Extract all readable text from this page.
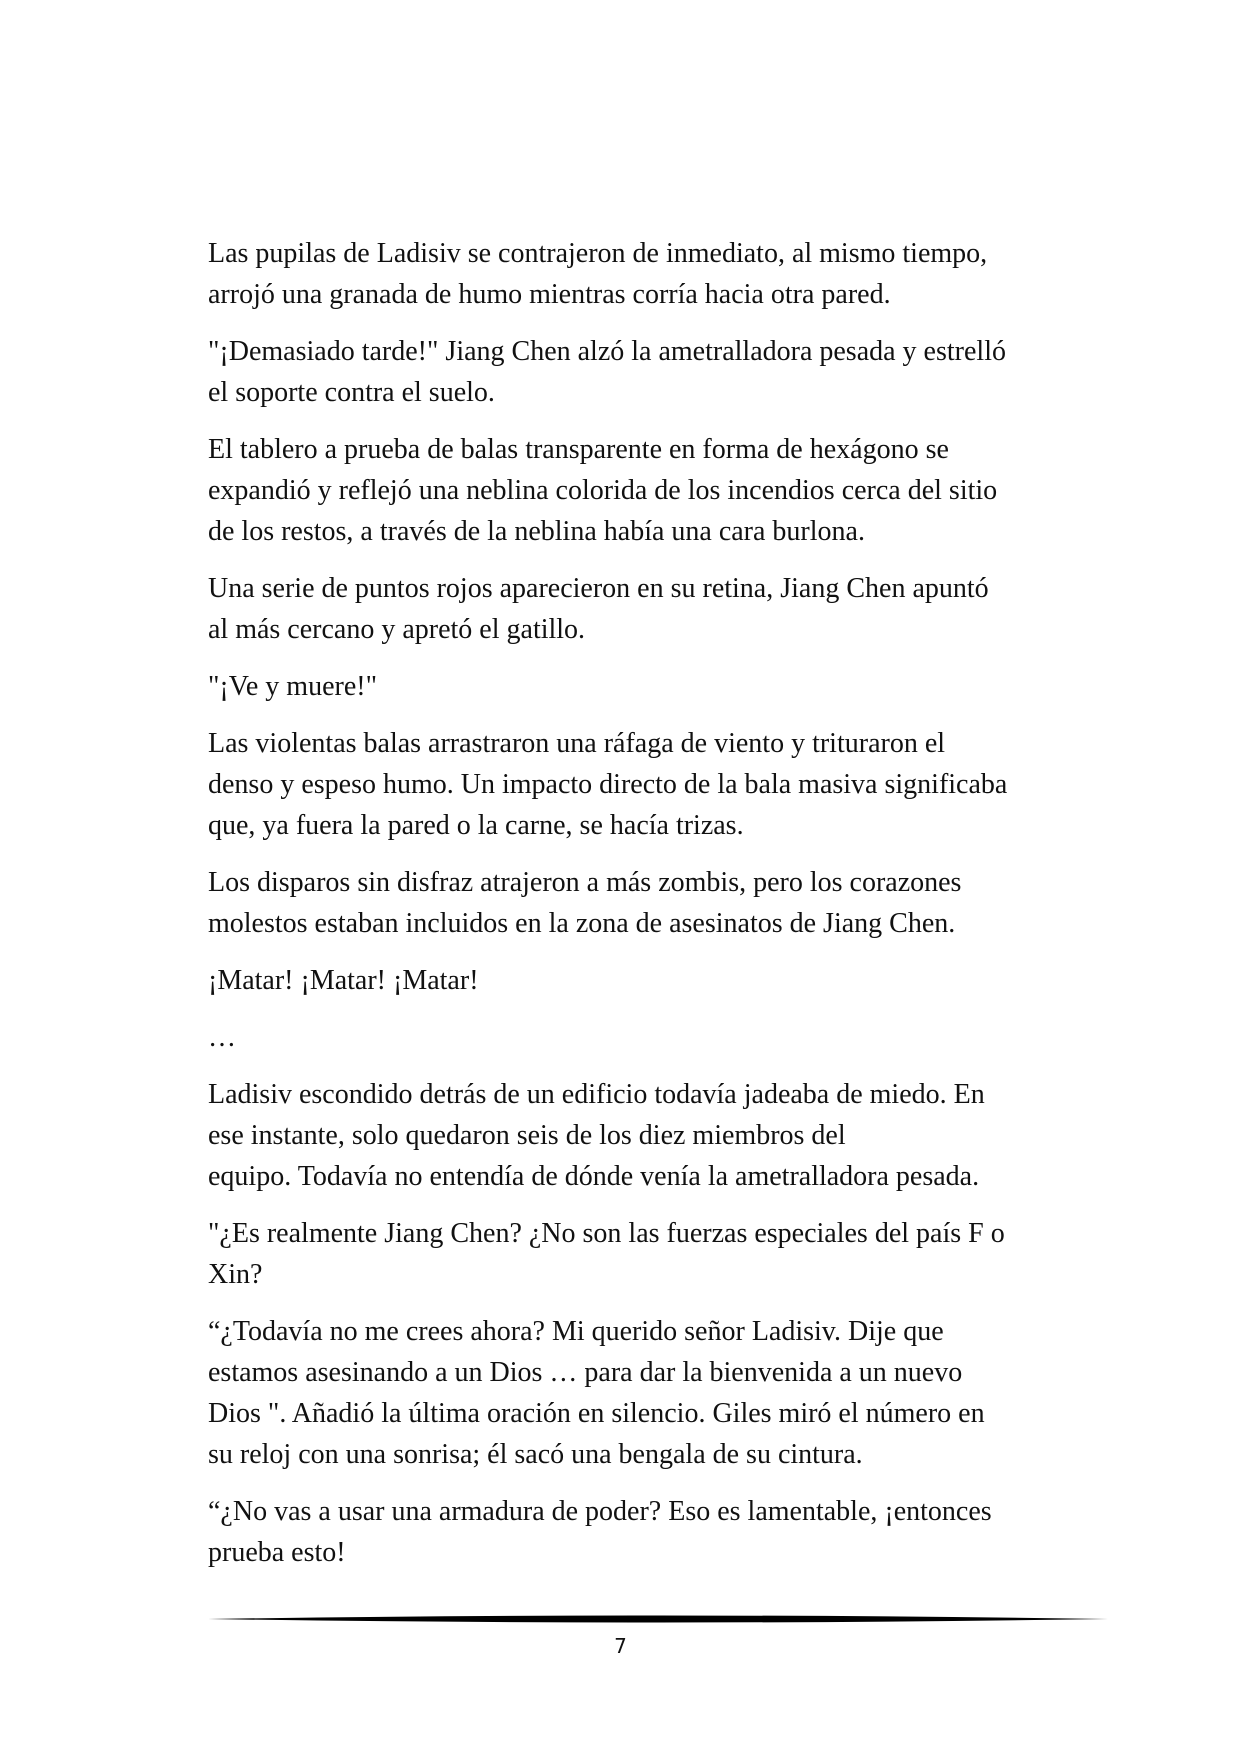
Las pupilas de Ladisiv se contrajeron de inmediato, al mismo tiempo,
arrojó una granada de humo mientras corría hacia otra pared.

"¡Demasiado tarde!" Jiang Chen alzó la ametralladora pesada y estrelló
el soporte contra el suelo.

El tablero a prueba de balas transparente en forma de hexágono se
expandió y reflejó una neblina colorida de los incendios cerca del sitio
de los restos, a través de la neblina había una cara burlona.

Una serie de puntos rojos aparecieron en su retina, Jiang Chen apuntó
al más cercano y apretó el gatillo.

"¡Ve y muere!"

Las violentas balas arrastraron una ráfaga de viento y trituraron el
denso y espeso humo. Un impacto directo de la bala masiva significaba
que, ya fuera la pared o la carne, se hacía trizas.

Los disparos sin disfraz atrajeron a más zombis, pero los corazones
molestos estaban incluidos en la zona de asesinatos de Jiang Chen.

¡Matar! ¡Matar! ¡Matar!

…

Ladisiv escondido detrás de un edificio todavía jadeaba de miedo. En
ese instante, solo quedaron seis de los diez miembros del
equipo. Todavía no entendía de dónde venía la ametralladora pesada.

"¿Es realmente Jiang Chen? ¿No son las fuerzas especiales del país F o
Xin?

“¿Todavía no me crees ahora? Mi querido señor Ladisiv. Dije que
estamos asesinando a un Dios … para dar la bienvenida a un nuevo
Dios ". Añadió la última oración en silencio. Giles miró el número en
su reloj con una sonrisa; él sacó una bengala de su cintura.

“¿No vas a usar una armadura de poder? Eso es lamentable, ¡entonces
prueba esto!

7
